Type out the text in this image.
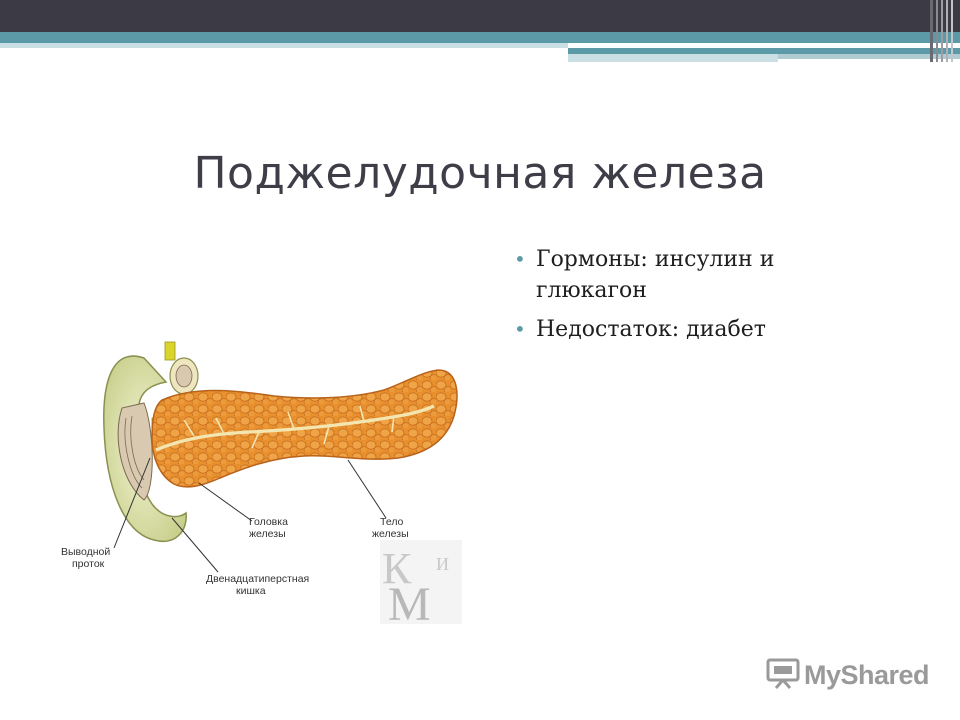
Поджелудочная железа
• Гормоны: инсулин и глюкагон
• Недостаток: диабет
Головка
железы
Тело
железы
Выводной
проток
Двенадцатиперстная
кишка	К И
М
MyShared
